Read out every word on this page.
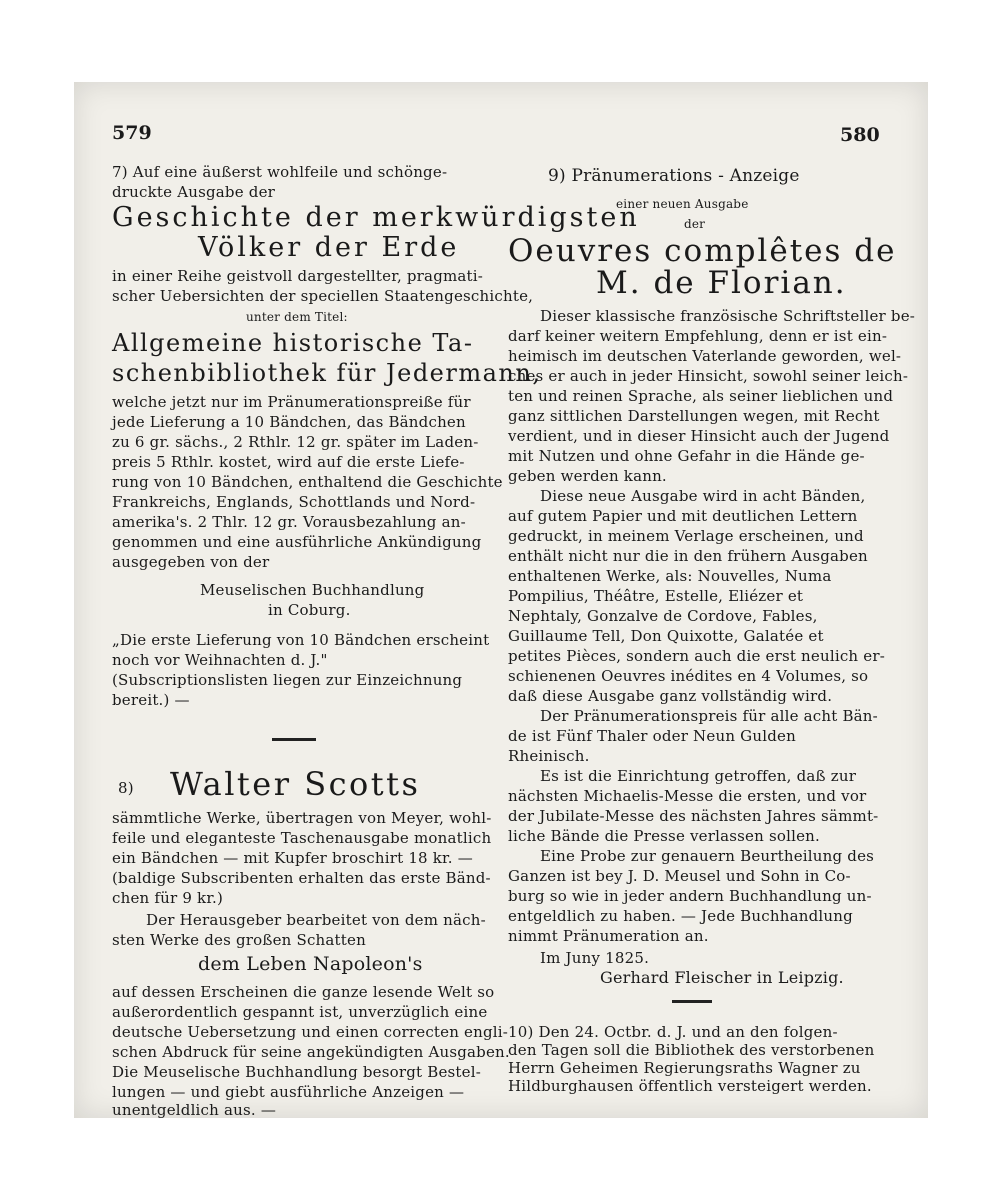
579	580
7) Auf eine äußerst wohlfeile und schönge-
druckte Ausgabe der
Geschichte der merkwürdigsten
Völker der Erde
in einer Reihe geistvoll dargestellter, pragmati-
scher Uebersichten der speciellen Staatengeschichte,
unter dem Titel:
Allgemeine historische Ta-
schenbibliothek für Jedermann,
welche jetzt nur im Pränumerationspreiße für
jede Lieferung a 10 Bändchen, das Bändchen
zu 6 gr. sächs., 2 Rthlr. 12 gr. später im Laden-
preis 5 Rthlr. kostet, wird auf die erste Liefe-
rung von 10 Bändchen, enthaltend die Geschichte
Frankreichs, Englands, Schottlands und Nord-
amerika's. 2 Thlr. 12 gr. Vorausbezahlung an-
genommen und eine ausführliche Ankündigung
ausgegeben von der
Meuselischen Buchhandlung
in Coburg.
„Die erste Lieferung von 10 Bändchen erscheint
noch vor Weihnachten d. J."
(Subscriptionslisten liegen zur Einzeichnung
bereit.) —
8) Walter Scotts
sämmtliche Werke, übertragen von Meyer, wohl-
feile und eleganteste Taschenausgabe monatlich
ein Bändchen — mit Kupfer broschirt 18 kr. —
(baldige Subscribenten erhalten das erste Bänd-
chen für 9 kr.)
Der Herausgeber bearbeitet von dem näch-
sten Werke des großen Schatten
dem Leben Napoleon's
auf dessen Erscheinen die ganze lesende Welt so
außerordentlich gespannt ist, unverzüglich eine
deutsche Uebersetzung und einen correcten engli-
schen Abdruck für seine angekündigten Ausgaben.
Die Meuselische Buchhandlung besorgt Bestel-
lungen — und giebt ausführliche Anzeigen —
unentgeldlich aus. —
9) Pränumerations - Anzeige
einer neuen Ausgabe
der
Oeuvres complêtes de
M. de Florian.
Dieser klassische französische Schriftsteller be-
darf keiner weitern Empfehlung, denn er ist ein-
heimisch im deutschen Vaterlande geworden, wel-
ches er auch in jeder Hinsicht, sowohl seiner leich-
ten und reinen Sprache, als seiner lieblichen und
ganz sittlichen Darstellungen wegen, mit Recht
verdient, und in dieser Hinsicht auch der Jugend
mit Nutzen und ohne Gefahr in die Hände ge-
geben werden kann.
Diese neue Ausgabe wird in acht Bänden,
auf gutem Papier und mit deutlichen Lettern
gedruckt, in meinem Verlage erscheinen, und
enthält nicht nur die in den frühern Ausgaben
enthaltenen Werke, als: Nouvelles, Numa
Pompilius, Théâtre, Estelle, Eliézer et
Nephtaly, Gonzalve de Cordove, Fables,
Guillaume Tell, Don Quixotte, Galatée et
petites Pièces, sondern auch die erst neulich er-
schienenen Oeuvres inédites en 4 Volumes, so
daß diese Ausgabe ganz vollständig wird.
Der Pränumerationspreis für alle acht Bän-
de ist Fünf Thaler oder Neun Gulden
Rheinisch.
Es ist die Einrichtung getroffen, daß zur
nächsten Michaelis-Messe die ersten, und vor
der Jubilate-Messe des nächsten Jahres sämmt-
liche Bände die Presse verlassen sollen.
Eine Probe zur genauern Beurtheilung des
Ganzen ist bey J. D. Meusel und Sohn in Co-
burg so wie in jeder andern Buchhandlung un-
entgeldlich zu haben. — Jede Buchhandlung
nimmt Pränumeration an.
Im Juny 1825.
Gerhard Fleischer in Leipzig.
10) Den 24. Octbr. d. J. und an den folgen-
den Tagen soll die Bibliothek des verstorbenen
Herrn Geheimen Regierungsraths Wagner zu
Hildburghausen öffentlich versteigert werden.
